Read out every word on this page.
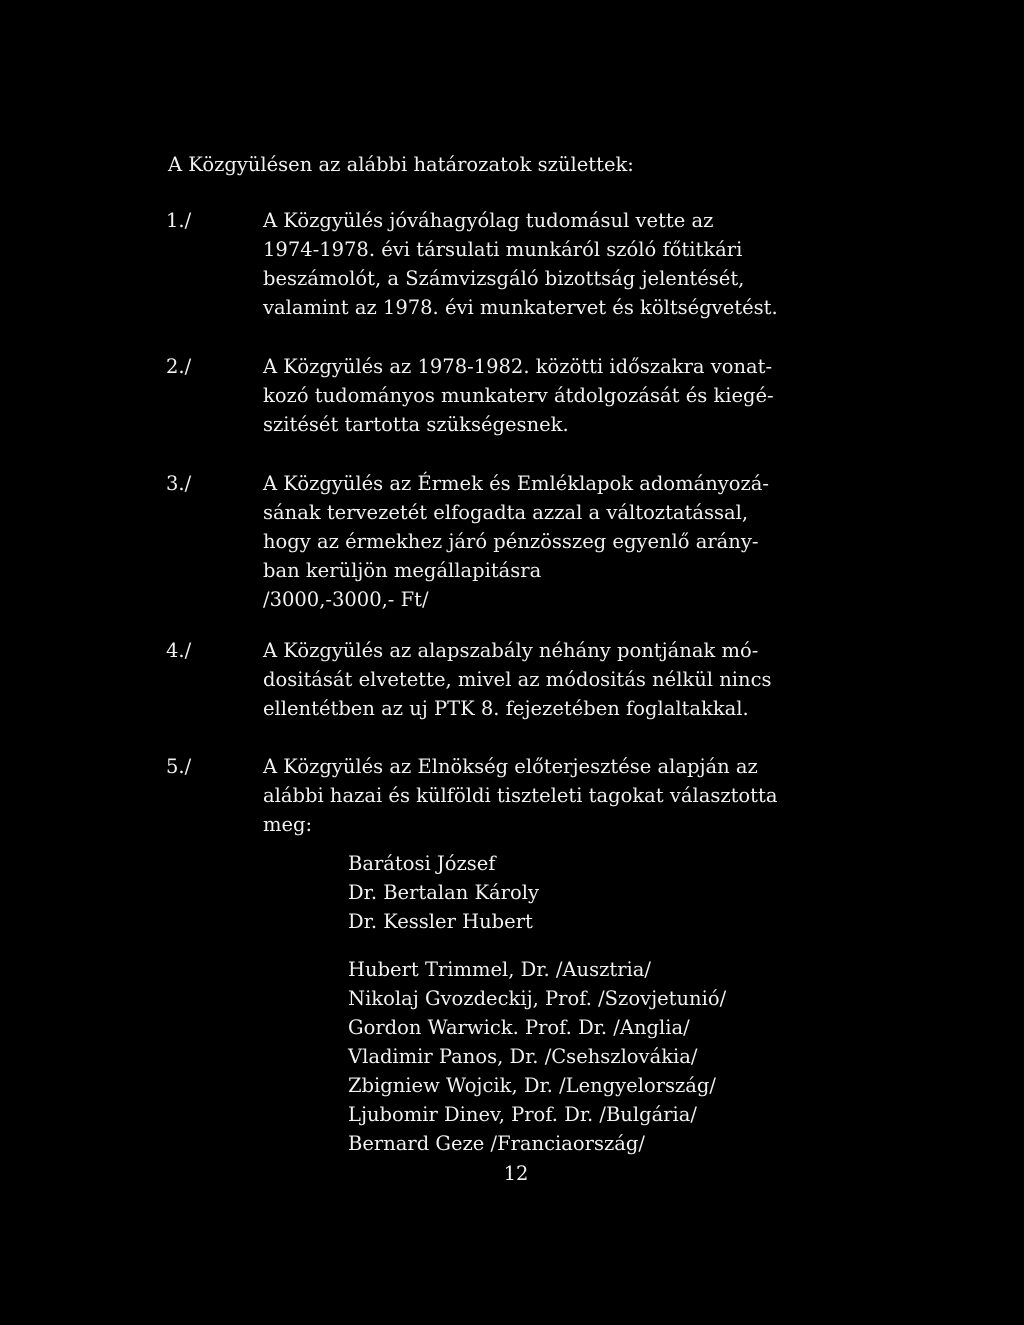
A Közgyülésen az alábbi határozatok születtek:
1./	A Közgyülés jóváhagyólag tudomásul vette az
1974-1978. évi társulati munkáról szóló főtitkári
beszámolót, a Számvizsgáló bizottság jelentését,
valamint az 1978. évi munkatervet és költségvetést.
2./	A Közgyülés az 1978-1982. közötti időszakra vonat-
kozó tudományos munkaterv átdolgozását és kiegé-
szitését tartotta szükségesnek.
3./	A Közgyülés az Érmek és Emléklapok adományozá-
sának tervezetét elfogadta azzal a változtatással,
hogy az érmekhez járó pénzösszeg egyenlő arány-
ban kerüljön megállapitásra
/3000,-3000,- Ft/
4./	A Közgyülés az alapszabály néhány pontjának mó-
dositását elvetette, mivel az módositás nélkül nincs
ellentétben az uj PTK 8. fejezetében foglaltakkal.
5./	A Közgyülés az Elnökség előterjesztése alapján az
alábbi hazai és külföldi tiszteleti tagokat választotta
meg:
Barátosi József
Dr. Bertalan Károly
Dr. Kessler Hubert
Hubert Trimmel, Dr. /Ausztria/
Nikolaj Gvozdeckij, Prof. /Szovjetunió/
Gordon Warwick. Prof. Dr. /Anglia/
Vladimir Panos, Dr. /Csehszlovákia/
Zbigniew Wojcik, Dr. /Lengyelország/
Ljubomir Dinev, Prof. Dr. /Bulgária/
Bernard Geze /Franciaország/
12
